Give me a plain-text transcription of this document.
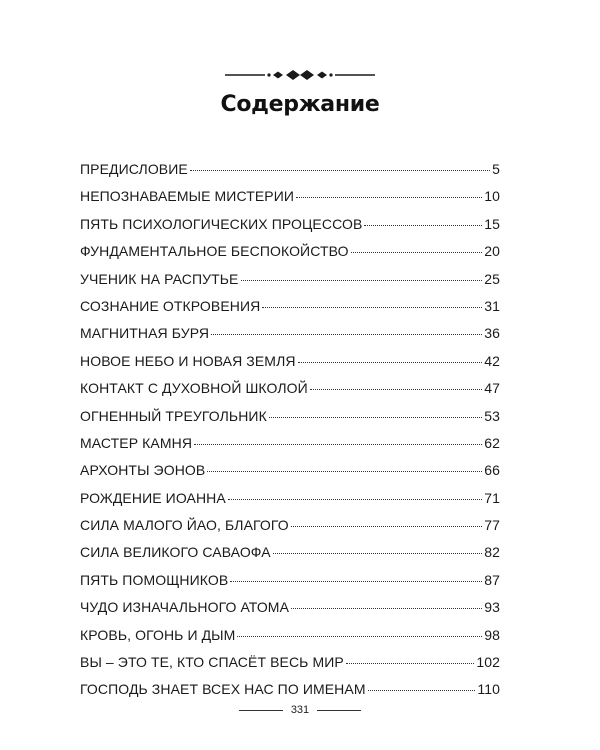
Содержание
ПРЕДИСЛОВИЕ	5
НЕПОЗНАВАЕМЫЕ МИСТЕРИИ	10
ПЯТЬ ПСИХОЛОГИЧЕСКИХ ПРОЦЕССОВ	15
ФУНДАМЕНТАЛЬНОЕ БЕСПОКОЙСТВО	20
УЧЕНИК НА РАСПУТЬЕ	25
СОЗНАНИЕ ОТКРОВЕНИЯ	31
МАГНИТНАЯ БУРЯ	36
НОВОЕ НЕБО И НОВАЯ ЗЕМЛЯ	42
КОНТАКТ С ДУХОВНОЙ ШКОЛОЙ	47
ОГНЕННЫЙ ТРЕУГОЛЬНИК	53
МАСТЕР КАМНЯ	62
АРХОНТЫ ЭОНОВ	66
РОЖДЕНИЕ ИОАННА	71
СИЛА МАЛОГО ЙАО, БЛАГОГО	77
СИЛА ВЕЛИКОГО САВАОФА	82
ПЯТЬ ПОМОЩНИКОВ	87
ЧУДО ИЗНАЧАЛЬНОГО АТОМА	93
КРОВЬ, ОГОНЬ И ДЫМ	98
ВЫ – ЭТО ТЕ, КТО СПАСЁТ ВЕСЬ МИР	102
ГОСПОДЬ ЗНАЕТ ВСЕХ НАС ПО ИМЕНАМ	110
331
